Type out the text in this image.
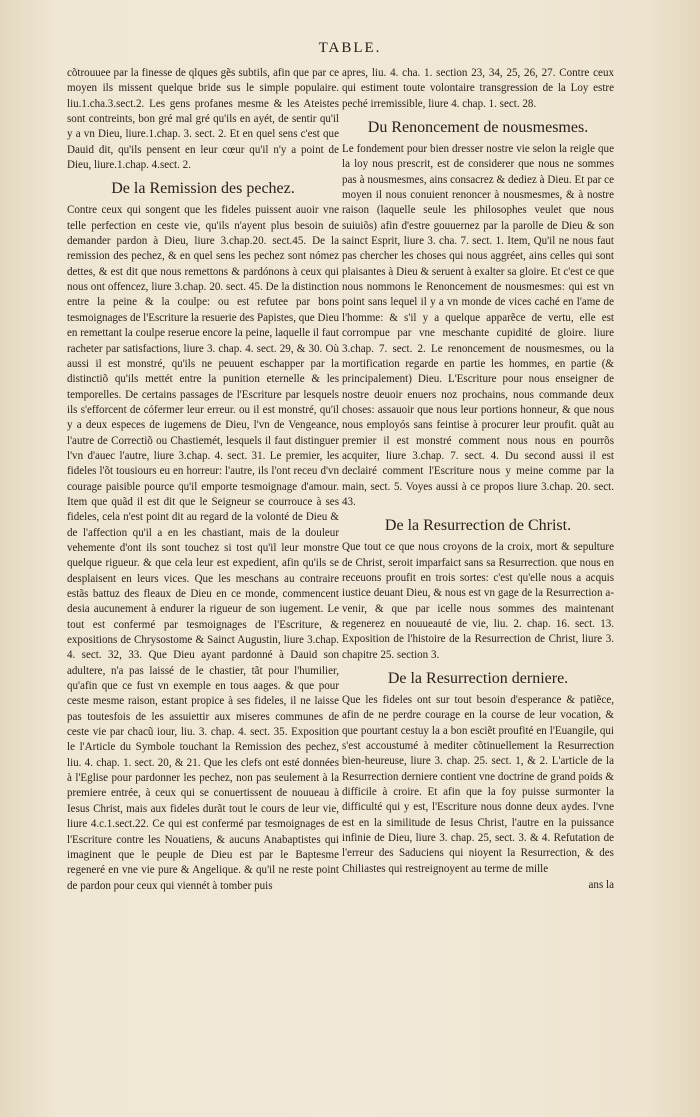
TABLE.

cõtrouuee par la finesse de qlques gẽs subtils, afin que par ce moyen ils missent quelque bride sus le simple populaire. liu.1.cha.3.sect.2. Les gens profanes mesme & les Ateistes sont contreints, bon gré mal gré qu'ils en ayét, de sentir qu'il y a vn Dieu, liure.1.chap. 3. sect. 2. Et en quel sens c'est que Dauid dit, qu'ils pensent en leur cœur qu'il n'y a point de Dieu, liure.1.chap. 4.sect. 2.

De la Remission des pechez.

Contre ceux qui songent que les fideles puissent auoir vne telle perfection en ceste vie, qu'ils n'ayent plus besoin de demander pardon à Dieu, liure 3.chap.20. sect.45. De la remission des pechez, & en quel sens les pechez sont nómez dettes, & est dit que nous remettons & pardónons à ceux qui nous ont offencez, liure 3.chap. 20. sect. 45. De la distinction entre la peine & la coulpe: ou est refutee par bons tesmoignages de l'Escriture la resuerie des Papistes, que Dieu en remettant la coulpe reserue encore la peine, laquelle il faut racheter par satisfactions, liure 3. chap. 4. sect. 29, & 30. Où aussi il est monstré, qu'ils ne peuuent eschapper par la distinctiõ qu'ils mettét entre la punition eternelle & les temporelles. De certains passages de l'Escriture par lesquels ils s'efforcent de cófermer leur erreur. ou il est monstré, qu'il y a deux especes de iugemens de Dieu, l'vn de Vengeance, l'autre de Correctiõ ou Chastiemét, lesquels il faut distinguer l'vn d'auec l'autre, liure 3.chap. 4. sect. 31. Le premier, les fideles l'õt tousiours eu en horreur: l'autre, ils l'ont receu d'vn courage paisible pource qu'il emporte tesmoignage d'amour. Item que quãd il est dit que le Seigneur se courrouce à ses fideles, cela n'est point dit au regard de la volonté de Dieu & de l'affection qu'il a en les chastiant, mais de la douleur vehemente d'ont ils sont touchez si tost qu'il leur monstre quelque rigueur. & que cela leur est expedient, afin qu'ils se desplaisent en leurs vices. Que les meschans au contraire estãs battuz des fleaux de Dieu en ce monde, commencent desia aucunement à endurer la rigueur de son iugement. Le tout est confermé par tesmoignages de l'Escriture, & expositions de Chrysostome & Sainct Augustin, liure 3.chap. 4. sect. 32, 33. Que Dieu ayant pardonné à Dauid son adultere, n'a pas laissé de le chastier, tãt pour l'humilier, qu'afin que ce fust vn exemple en tous aages. & que pour ceste mesme raison, estant propice à ses fideles, il ne laisse pas toutesfois de les assuiettir aux miseres communes de ceste vie par chacũ iour, liu. 3. chap. 4. sect. 35. Exposition le l'Article du Symbole touchant la Remission des pechez, liu. 4. chap. 1. sect. 20, & 21. Que les clefs ont esté données à l'Eglise pour pardonner les pechez, non pas seulement à la premiere entrée, à ceux qui se conuertissent de nouueau à Iesus Christ, mais aux fideles durãt tout le cours de leur vie, liure 4.c.1.sect.22. Ce qui est confermé par tesmoignages de l'Escriture contre les Nouatiens, & aucuns Anabaptistes qui imaginent que le peuple de Dieu est par le Baptesme regeneré en vne vie pure & Angelique. & qu'il ne reste point de pardon pour ceux qui viennét à tomber puis

apres, liu. 4. cha. 1. section 23, 34, 25, 26, 27. Contre ceux qui estiment toute volontaire transgression de la Loy estre peché irremissible, liure 4. chap. 1. sect. 28.

Du Renoncement de nousmesmes.

Le fondement pour bien dresser nostre vie selon la reigle que la loy nous prescrit, est de considerer que nous ne sommes pas à nousmesmes, ains consacrez & dediez à Dieu. Et par ce moyen il nous conuient renoncer à nousmesmes, & à nostre raison (laquelle seule les philosophes veulet que nous suiuiõs) afin d'estre gouuernez par la parolle de Dieu & son sainct Esprit, liure 3. cha. 7. sect. 1. Item, Qu'il ne nous faut pas chercher les choses qui nous aggréet, ains celles qui sont plaisantes à Dieu & seruent à exalter sa gloire. Et c'est ce que nous nommons le Renoncement de nousmesmes: qui est vn point sans lequel il y a vn monde de vices caché en l'ame de l'homme: & s'il y a quelque apparẽce de vertu, elle est corrompue par vne meschante cupidité de gloire. liure 3.chap. 7. sect. 2. Le renoncement de nousmesmes, ou la mortification regarde en partie les hommes, en partie (& principalement) Dieu. L'Escriture pour nous enseigner de nostre deuoir enuers noz prochains, nous commande deux choses: assauoir que nous leur portions honneur, & que nous nous employós sans feintise à procurer leur proufit. quãt au premier il est monstré comment nous nous en pourrõs acquiter, liure 3.chap. 7. sect. 4. Du second aussi il est declairé comment l'Escriture nous y meine comme par la main, sect. 5. Voyes aussi à ce propos liure 3.chap. 20. sect. 43.

De la Resurrection de Christ.

Que tout ce que nous croyons de la croix, mort & sepulture de Christ, seroit imparfaict sans sa Resurrection. que nous en receuons proufit en trois sortes: c'est qu'elle nous a acquis iustice deuant Dieu, & nous est vn gage de la Resurrection a-venir, & que par icelle nous sommes des maintenant regenerez en nouueauté de vie, liu. 2. chap. 16. sect. 13. Exposition de l'histoire de la Resurrection de Christ, liure 3. chapitre 25. section 3.

De la Resurrection derniere.

Que les fideles ont sur tout besoin d'esperance & patiẽce, afin de ne perdre courage en la course de leur vocation, & que pourtant cestuy la a bon esciẽt proufité en l'Euangile, qui s'est accoustumé à mediter cõtinuellement la Resurrection bien-heureuse, liure 3. chap. 25. sect. 1, & 2. L'article de la Resurrection derniere contient vne doctrine de grand poids & difficile à croire. Et afin que la foy puisse surmonter la difficulté qui y est, l'Escriture nous donne deux aydes. l'vne est en la similitude de Iesus Christ, l'autre en la puissance infinie de Dieu, liure 3. chap. 25, sect. 3. & 4. Refutation de l'erreur des Saduciens qui nioyent la Resurrection, & des Chiliastes qui restreignoyent au terme de mille

ans la
